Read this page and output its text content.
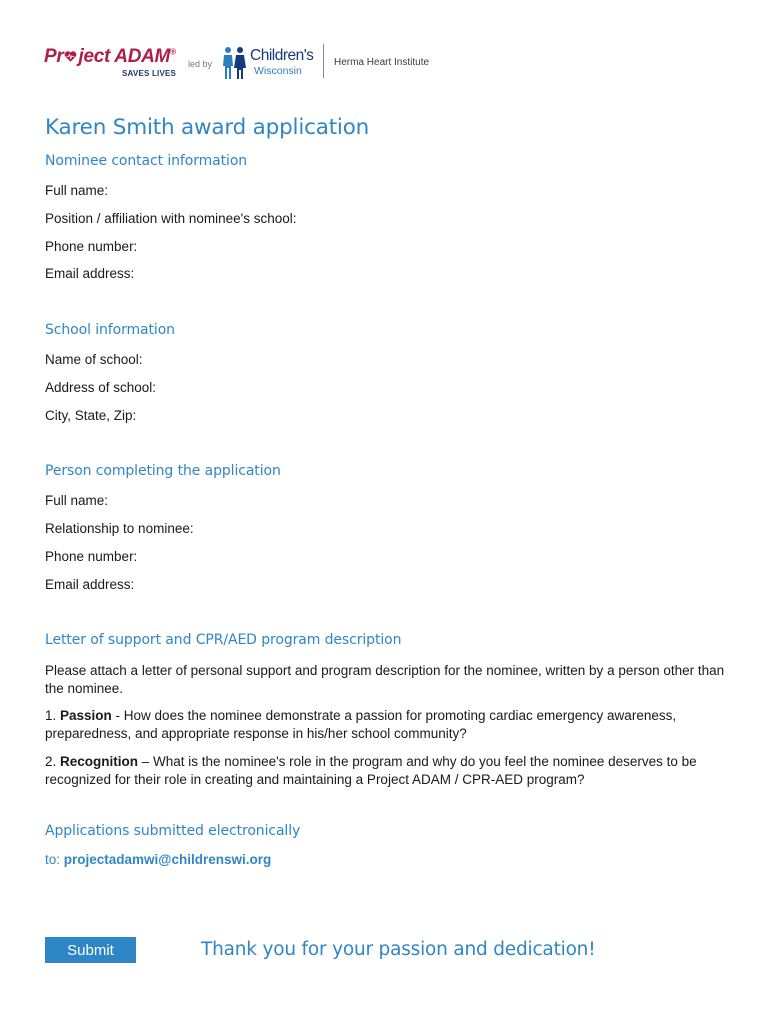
Pr ject ADAM®
SAVES LIVES
led by Children's
Wisconsin
Herma Heart Institute
Karen Smith award application
Nominee contact information
Full name:
Position / affiliation with nominee's school:
Phone number:
Email address:
School information
Name of school:
Address of school:
City, State, Zip:
Person completing the application
Full name:
Relationship to nominee:
Phone number:
Email address:
Letter of support and CPR/AED program description

Please attach a letter of personal support and program description for the nominee, written by a person other than the nominee.

1. Passion - How does the nominee demonstrate a passion for promoting cardiac emergency awareness, preparedness, and appropriate response in his/her school community?

2. Recognition – What is the nominee's role in the program and why do you feel the nominee deserves to be recognized for their role in creating and maintaining a Project ADAM / CPR-AED program?

Applications submitted electronically
to: projectadamwi@childrenswi.org
Submit	Thank you for your passion and dedication!
